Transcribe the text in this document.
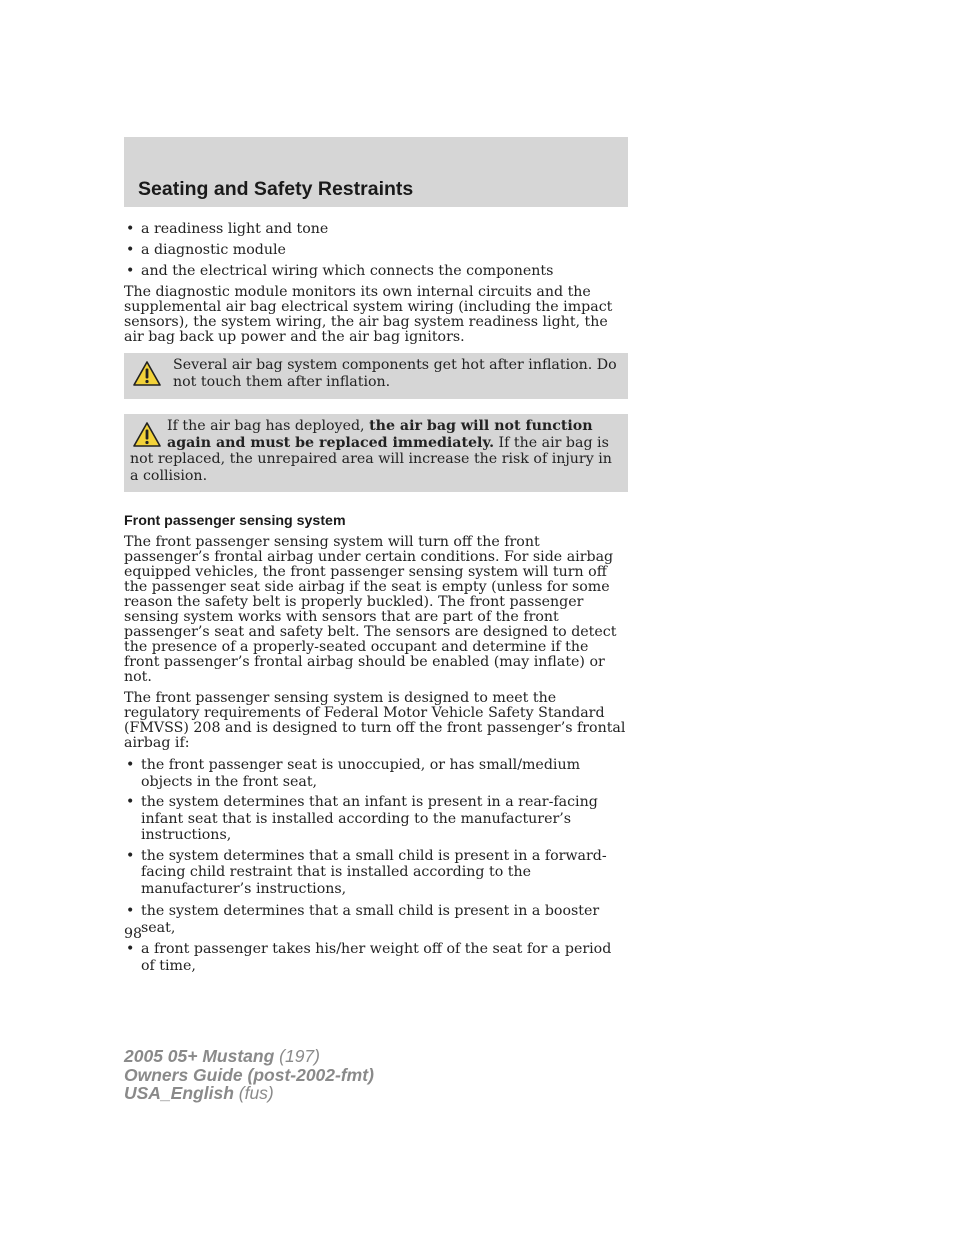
Seating and Safety Restraints
• a readiness light and tone
• a diagnostic module
• and the electrical wiring which connects the components

The diagnostic module monitors its own internal circuits and the supplemental air bag electrical system wiring (including the impact sensors), the system wiring, the air bag system readiness light, the air bag back up power and the air bag ignitors.

Several air bag system components get hot after inflation. Do not touch them after inflation.
If the air bag has deployed, the air bag will not function again and must be replaced immediately. If the air bag is not replaced, the unrepaired area will increase the risk of injury in a collision.
Front passenger sensing system

The front passenger sensing system will turn off the front passenger’s frontal airbag under certain conditions. For side airbag equipped vehicles, the front passenger sensing system will turn off the passenger seat side airbag if the seat is empty (unless for some reason the safety belt is properly buckled). The front passenger sensing system works with sensors that are part of the front passenger’s seat and safety belt. The sensors are designed to detect the presence of a properly-seated occupant and determine if the front passenger’s frontal airbag should be enabled (may inflate) or not.

The front passenger sensing system is designed to meet the regulatory requirements of Federal Motor Vehicle Safety Standard (FMVSS) 208 and is designed to turn off the front passenger’s frontal airbag if:

• the front passenger seat is unoccupied, or has small/medium objects in the front seat,
• the system determines that an infant is present in a rear-facing infant seat that is installed according to the manufacturer’s instructions,
• the system determines that a small child is present in a forward-facing child restraint that is installed according to the manufacturer’s instructions,
• the system determines that a small child is present in a booster seat,
• a front passenger takes his/her weight off of the seat for a period of time,
98
2005 05+ Mustang (197)
Owners Guide (post-2002-fmt)
USA_English (fus)
